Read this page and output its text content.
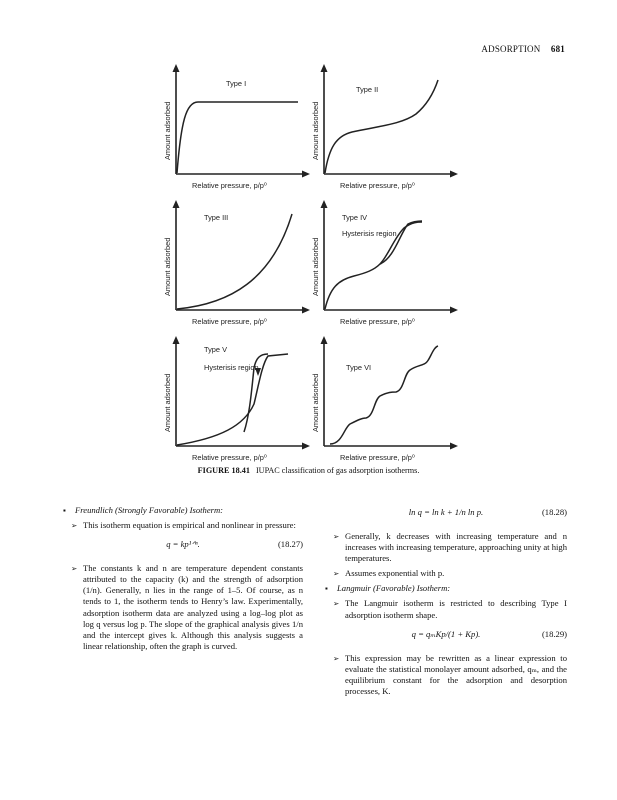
ADSORPTION 681
Type I
Amount adsorbed
Relative pressure, p/p⁰
Type II
Amount adsorbed
Relative pressure, p/p⁰
Type III
Amount adsorbed
Relative pressure, p/p⁰
Type IV
Hysterisis region
Amount adsorbed
Relative pressure, p/p⁰
Type V
Hysterisis region
Amount adsorbed
Relative pressure, p/p⁰
Type VI
Amount adsorbed
Relative pressure, p/p⁰
FIGURE 18.41 IUPAC classification of gas adsorption isotherms.
▪ Freundlich (Strongly Favorable) Isotherm:
➢ This isotherm equation is empirical and nonlinear in pressure:
q = kp¹ᐟⁿ.	(18.27)
➢ The constants k and n are temperature dependent constants attributed to the capacity (k) and the strength of adsorption (1/n). Generally, n lies in the range of 1–5. Of course, as n tends to 1, the isotherm tends to Henry’s law. Experimentally, adsorption isotherm data are analyzed using a log–log plot as log q versus log p. The slope of the graphical analysis gives 1/n and the intercept gives k. Although this analysis suggests a linear relationship, often the graph is curved.
ln q = ln k + 1/n ln p.	(18.28)
➢ Generally, k decreases with increasing temperature and n increases with increasing temperature, approaching unity at high temperatures.
➢ Assumes exponential with p.
▪ Langmuir (Favorable) Isotherm:
➢ The Langmuir isotherm is restricted to describing Type I adsorption isotherm shape.
q = qₘKp/(1 + Kp).	(18.29)
➢ This expression may be rewritten as a linear expression to evaluate the statistical monolayer amount adsorbed, qₘ, and the equilibrium constant for the adsorption and desorption processes, K.
